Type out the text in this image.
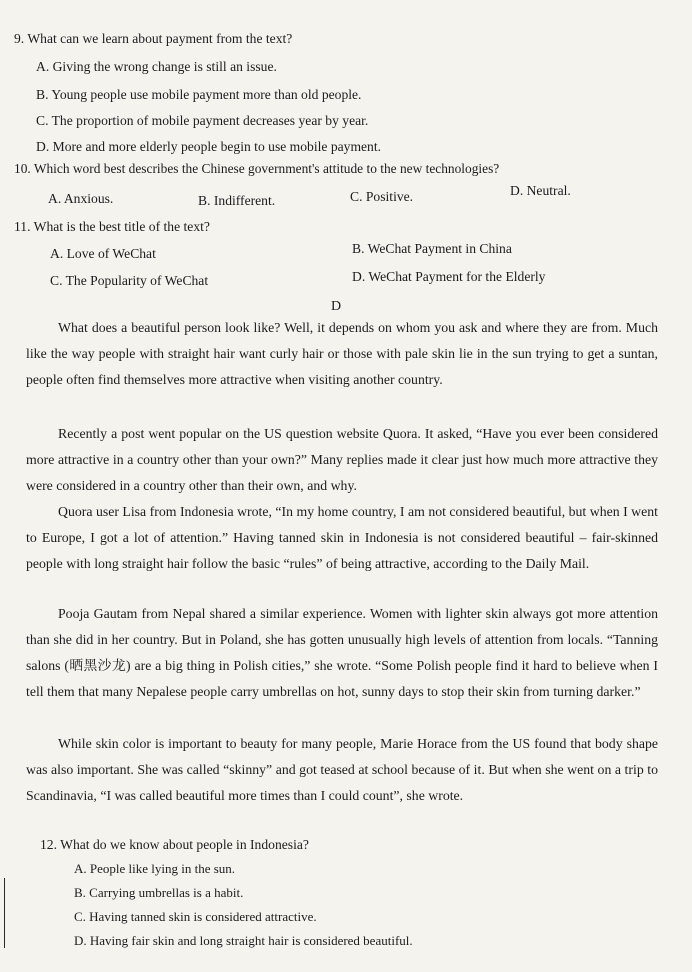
9. What can we learn about payment from the text?
A. Giving the wrong change is still an issue.
B. Young people use mobile payment more than old people.
C. The proportion of mobile payment decreases year by year.
D. More and more elderly people begin to use mobile payment.
10. Which word best describes the Chinese government's attitude to the new technologies?
A. Anxious.	B. Indifferent.	C. Positive.	D. Neutral.
11. What is the best title of the text?
A. Love of WeChat	B. WeChat Payment in China
C. The Popularity of WeChat	D. WeChat Payment for the Elderly
D
What does a beautiful person look like? Well, it depends on whom you ask and where they are from. Much like the way people with straight hair want curly hair or those with pale skin lie in the sun trying to get a suntan, people often find themselves more attractive when visiting another country.
Recently a post went popular on the US question website Quora. It asked, “Have you ever been considered more attractive in a country other than your own?” Many replies made it clear just how much more attractive they were considered in a country other than their own, and why.
Quora user Lisa from Indonesia wrote, “In my home country, I am not considered beautiful, but when I went to Europe, I got a lot of attention.” Having tanned skin in Indonesia is not considered beautiful – fair-skinned people with long straight hair follow the basic “rules” of being attractive, according to the Daily Mail.
Pooja Gautam from Nepal shared a similar experience. Women with lighter skin always got more attention than she did in her country. But in Poland, she has gotten unusually high levels of attention from locals. “Tanning salons (晒黑沙龙) are a big thing in Polish cities,” she wrote. “Some Polish people find it hard to believe when I tell them that many Nepalese people carry umbrellas on hot, sunny days to stop their skin from turning darker.”
While skin color is important to beauty for many people, Marie Horace from the US found that body shape was also important. She was called “skinny” and got teased at school because of it. But when she went on a trip to Scandinavia, “I was called beautiful more times than I could count”, she wrote.
12. What do we know about people in Indonesia?
A. People like lying in the sun.
B. Carrying umbrellas is a habit.
C. Having tanned skin is considered attractive.
D. Having fair skin and long straight hair is considered beautiful.
